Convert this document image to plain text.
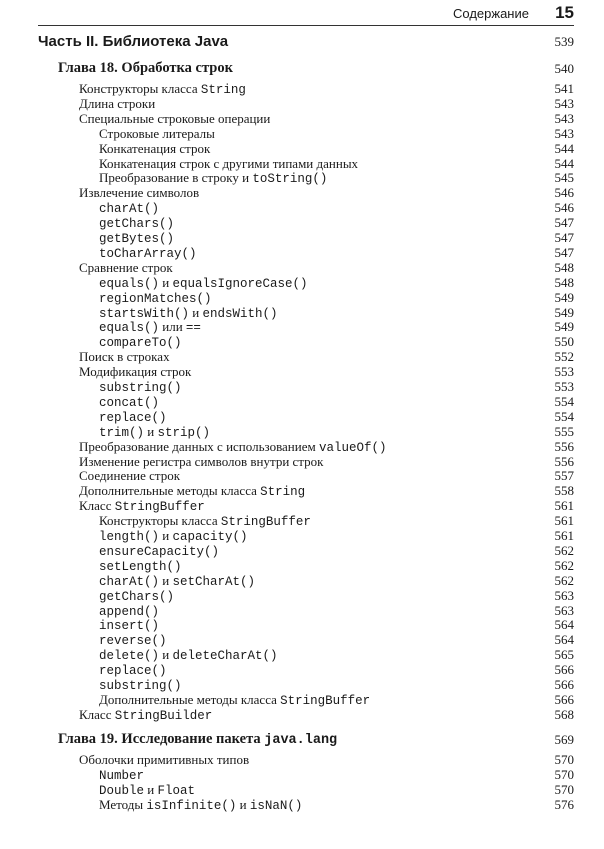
Содержание 15
Часть II. Библиотека Java	539
Глава 18. Обработка строк	540
Конструкторы класса String	541
Длина строки	543
Специальные строковые операции	543
Строковые литералы	543
Конкатенация строк	544
Конкатенация строк с другими типами данных	544
Преобразование в строку и toString()	545
Извлечение символов	546
charAt()	546
getChars()	547
getBytes()	547
toCharArray()	547
Сравнение строк	548
equals() и equalsIgnoreCase()	548
regionMatches()	549
startsWith() и endsWith()	549
equals() или ==	549
compareTo()	550
Поиск в строках	552
Модификация строк	553
substring()	553
concat()	554
replace()	554
trim() и strip()	555
Преобразование данных с использованием valueOf()	556
Изменение регистра символов внутри строк	556
Соединение строк	557
Дополнительные методы класса String	558
Класс StringBuffer	561
Конструкторы класса StringBuffer	561
length() и capacity()	561
ensureCapacity()	562
setLength()	562
charAt() и setCharAt()	562
getChars()	563
append()	563
insert()	564
reverse()	564
delete() и deleteCharAt()	565
replace()	566
substring()	566
Дополнительные методы класса StringBuffer	566
Класс StringBuilder	568
Глава 19. Исследование пакета java.lang	569
Оболочки примитивных типов	570
Number	570
Double и Float	570
Методы isInfinite() и isNaN()	576
